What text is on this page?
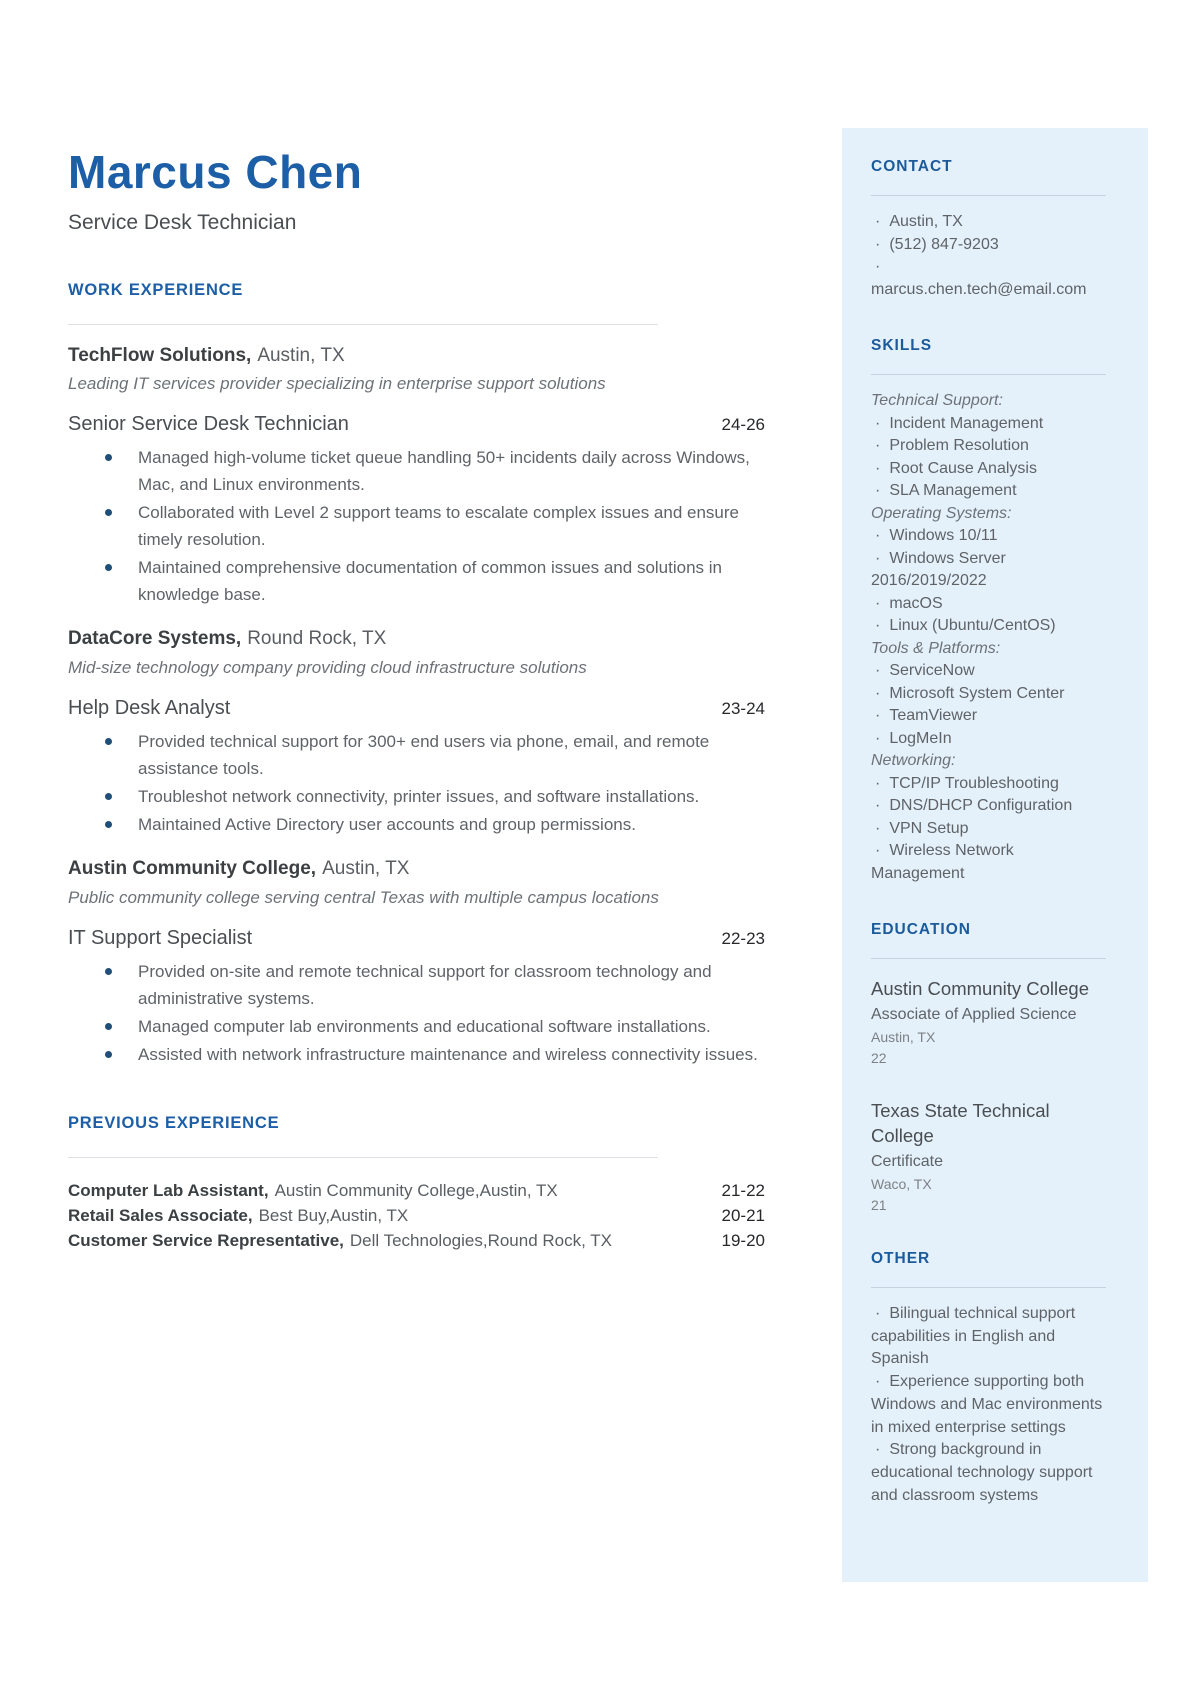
Marcus Chen
Service Desk Technician
WORK EXPERIENCE
TechFlow Solutions, Austin, TX
Leading IT services provider specializing in enterprise support solutions
Senior Service Desk Technician	24-26
Managed high-volume ticket queue handling 50+ incidents daily across Windows, Mac, and Linux environments.
Collaborated with Level 2 support teams to escalate complex issues and ensure timely resolution.
Maintained comprehensive documentation of common issues and solutions in knowledge base.
DataCore Systems, Round Rock, TX
Mid-size technology company providing cloud infrastructure solutions
Help Desk Analyst	23-24
Provided technical support for 300+ end users via phone, email, and remote assistance tools.
Troubleshot network connectivity, printer issues, and software installations.
Maintained Active Directory user accounts and group permissions.
Austin Community College, Austin, TX
Public community college serving central Texas with multiple campus locations
IT Support Specialist	22-23
Provided on-site and remote technical support for classroom technology and administrative systems.
Managed computer lab environments and educational software installations.
Assisted with network infrastructure maintenance and wireless connectivity issues.
PREVIOUS EXPERIENCE
Computer Lab Assistant, Austin Community College,Austin, TX	21-22
Retail Sales Associate, Best Buy,Austin, TX	20-21
Customer Service Representative, Dell Technologies,Round Rock, TX	19-20
CONTACT
· Austin, TX
· (512) 847-9203
·
marcus.chen.tech@email.com
SKILLS
Technical Support:
· Incident Management
· Problem Resolution
· Root Cause Analysis
· SLA Management
Operating Systems:
· Windows 10/11
· Windows Server 2016/2019/2022
· macOS
· Linux (Ubuntu/CentOS)
Tools & Platforms:
· ServiceNow
· Microsoft System Center
· TeamViewer
· LogMeIn
Networking:
· TCP/IP Troubleshooting
· DNS/DHCP Configuration
· VPN Setup
· Wireless Network Management
EDUCATION
Austin Community College
Associate of Applied Science
Austin, TX
22
Texas State Technical College
Certificate
Waco, TX
21
OTHER
· Bilingual technical support capabilities in English and Spanish
· Experience supporting both Windows and Mac environments in mixed enterprise settings
· Strong background in educational technology support and classroom systems
